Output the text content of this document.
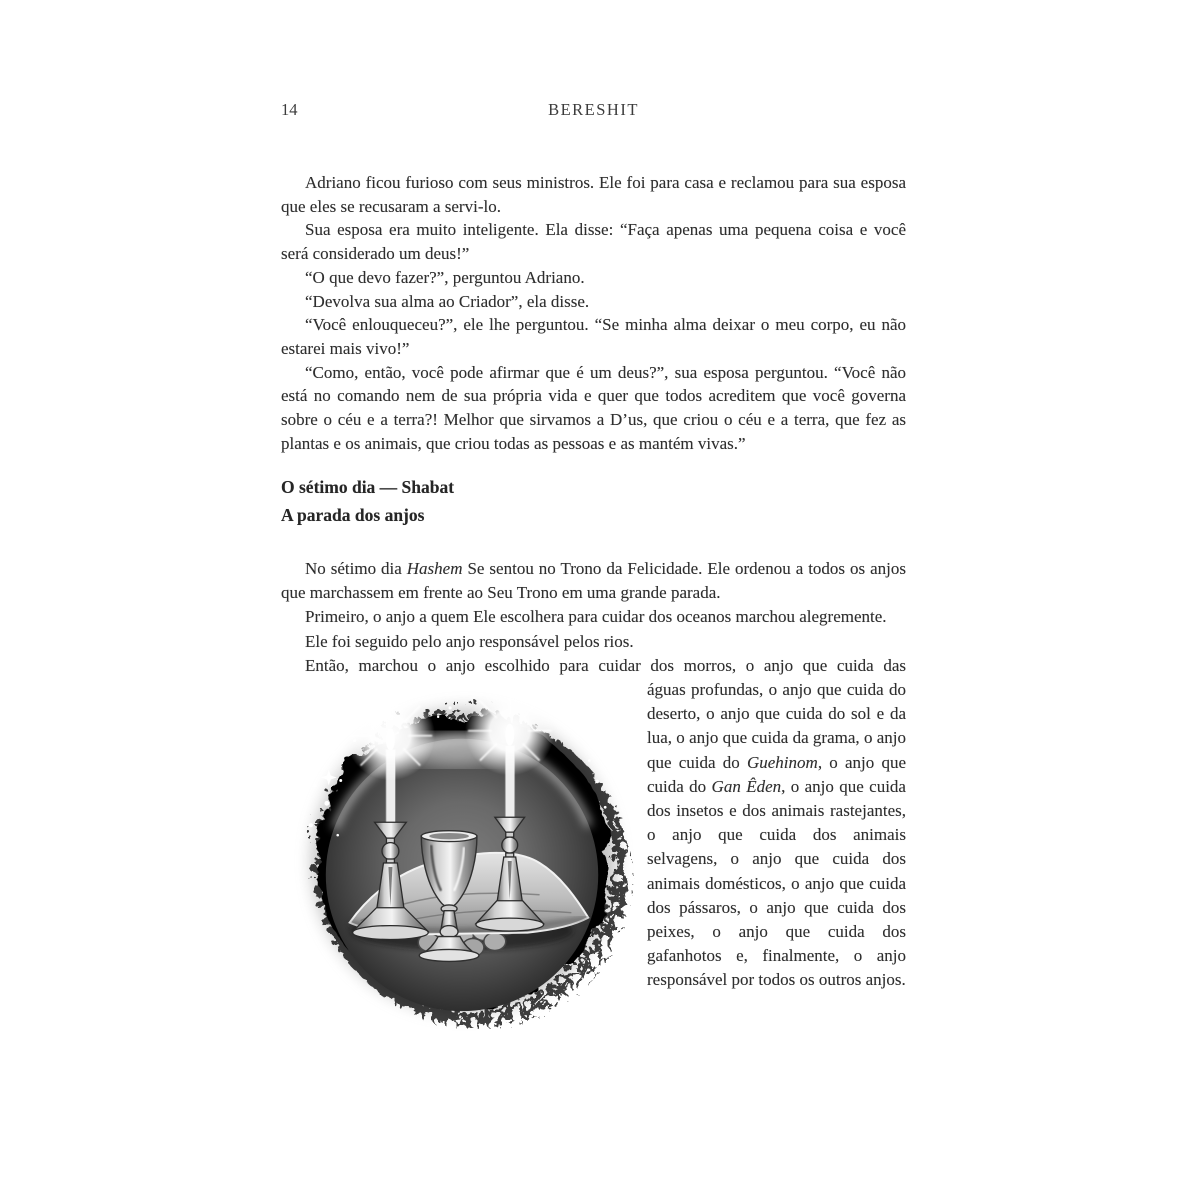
14	BERESHIT

Adriano ficou furioso com seus ministros. Ele foi para casa e reclamou para sua esposa que eles se recusaram a servi-lo.

Sua esposa era muito inteligente. Ela disse: “Faça apenas uma pequena coisa e você será considerado um deus!”

“O que devo fazer?”, perguntou Adriano.

“Devolva sua alma ao Criador”, ela disse.

“Você enlouqueceu?”, ele lhe perguntou. “Se minha alma deixar o meu corpo, eu não estarei mais vivo!”

“Como, então, você pode afirmar que é um deus?”, sua esposa perguntou. “Você não está no comando nem de sua própria vida e quer que todos acreditem que você governa sobre o céu e a terra?! Melhor que sirvamos a D’us, que criou o céu e a terra, que fez as plantas e os animais, que criou todas as pessoas e as mantém vivas.”

O sétimo dia — Shabat
A parada dos anjos

No sétimo dia Hashem Se sentou no Trono da Felicidade. Ele ordenou a todos os anjos que marchassem em frente ao Seu Trono em uma grande parada.

Primeiro, o anjo a quem Ele escolhera para cuidar dos oceanos marchou alegremente.

Ele foi seguido pelo anjo responsável pelos rios.

Então, marchou o anjo escolhido para cuidar dos morros, o anjo que cuida das

águas profundas, o anjo que cuida do deserto, o anjo que cuida do sol e da lua, o anjo que cuida da grama, o anjo que cuida do Guehinom, o anjo que cuida do Gan Êden, o anjo que cuida dos insetos e dos animais rastejantes, o anjo que cuida dos animais selvagens, o anjo que cuida dos animais domésticos, o anjo que cuida dos pássaros, o anjo que cuida dos peixes, o anjo que cuida dos gafanhotos e, finalmente, o anjo responsável por todos os outros anjos.
